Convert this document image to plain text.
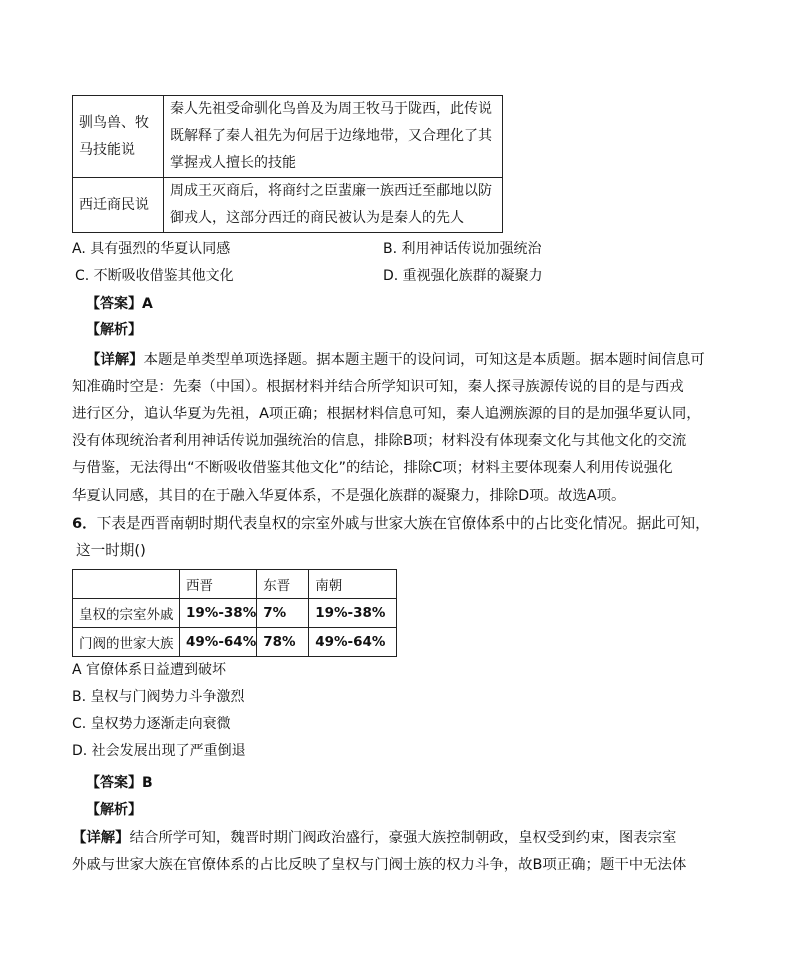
驯鸟兽、牧
马技能说	秦人先祖受命驯化鸟兽及为周王牧马于陇西，此传说
既解释了秦人祖先为何居于边缘地带，又合理化了其
掌握戎人擅长的技能

西迁商民说	周成王灭商后，将商纣之臣蜚廉一族西迁至郙地以防
御戎人，这部分西迁的商民被认为是秦人的先人
A. 具有强烈的华夏认同感	B. 利用神话传说加强统治
C. 不断吸收借鉴其他文化	D. 重视强化族群的凝聚力
【答案】A
【解析】
【详解】本题是单类型单项选择题。据本题主题干的设问词，可知这是本质题。据本题时间信息可
知准确时空是：先秦（中国）。根据材料并结合所学知识可知，秦人探寻族源传说的目的是与西戎
进行区分，追认华夏为先祖，A项正确；根据材料信息可知，秦人追溯族源的目的是加强华夏认同，
没有体现统治者利用神话传说加强统治的信息，排除B项；材料没有体现秦文化与其他文化的交流
与借鉴，无法得出“不断吸收借鉴其他文化”的结论，排除C项；材料主要体现秦人利用传说强化
华夏认同感，其目的在于融入华夏体系，不是强化族群的凝聚力，排除D项。故选A项。
6．下表是西晋南朝时期代表皇权的宗室外戚与世家大族在官僚体系中的占比变化情况。据此可知，
这一时期()
	西晋	东晋	南朝
皇权的宗室外戚	19%-38%	7%	19%-38%
门阀的世家大族	49%-64%	78%	49%-64%
A 官僚体系日益遭到破坏
B. 皇权与门阀势力斗争激烈
C. 皇权势力逐渐走向衰微
D. 社会发展出现了严重倒退
【答案】B
【解析】
【详解】结合所学可知，魏晋时期门阀政治盛行，豪强大族控制朝政，皇权受到约束，图表宗室
外戚与世家大族在官僚体系的占比反映了皇权与门阀士族的权力斗争，故B项正确；题干中无法体
